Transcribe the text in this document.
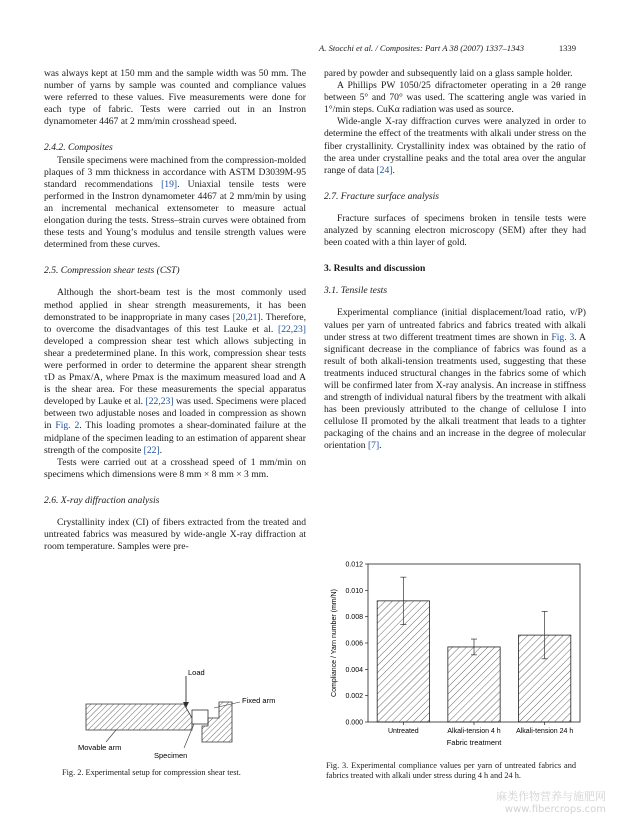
A. Stocchi et al. / Composites: Part A 38 (2007) 1337–1343	1339

was always kept at 150 mm and the sample width was 50 mm. The number of yarns by sample was counted and compliance values were referred to these values. Five measurements were done for each type of fabric. Tests were carried out in an Instron dynamometer 4467 at 2 mm/min crosshead speed.

2.4.2. Composites

Tensile specimens were machined from the compression-molded plaques of 3 mm thickness in accordance with ASTM D3039M-95 standard recommendations [19]. Uniaxial tensile tests were performed in the Instron dynamometer 4467 at 2 mm/min by using an incremental mechanical extensometer to measure actual elongation during the tests. Stress–strain curves were obtained from these tests and Young’s modulus and tensile strength values were determined from these curves.

2.5. Compression shear tests (CST)

Although the short-beam test is the most commonly used method applied in shear strength measurements, it has been demonstrated to be inappropriate in many cases [20,21]. Therefore, to overcome the disadvantages of this test Lauke et al. [22,23] developed a compression shear test which allows subjecting in shear a predetermined plane. In this work, compression shear tests were performed in order to determine the apparent shear strength τD as Pmax/A, where Pmax is the maximum measured load and A is the shear area. For these measurements the special apparatus developed by Lauke et al. [22,23] was used. Specimens were placed between two adjustable noses and loaded in compression as shown in Fig. 2. This loading promotes a shear-dominated failure at the midplane of the specimen leading to an estimation of apparent shear strength of the composite [22].

Tests were carried out at a crosshead speed of 1 mm/min on specimens which dimensions were 8 mm × 8 mm × 3 mm.

2.6. X-ray diffraction analysis

Crystallinity index (CI) of fibers extracted from the treated and untreated fabrics was measured by wide-angle X-ray diffraction at room temperature. Samples were pre-

pared by powder and subsequently laid on a glass sample holder.

A Phillips PW 1050/25 difractometer operating in a 2θ range between 5° and 70° was used. The scattering angle was varied in 1°/min steps. CuKα radiation was used as source.

Wide-angle X-ray diffraction curves were analyzed in order to determine the effect of the treatments with alkali under stress on the fiber crystallinity. Crystallinity index was obtained by the ratio of the area under crystalline peaks and the total area over the angular range of data [24].

2.7. Fracture surface analysis

Fracture surfaces of specimens broken in tensile tests were analyzed by scanning electron microscopy (SEM) after they had been coated with a thin layer of gold.

3. Results and discussion
3.1. Tensile tests

Experimental compliance (initial displacement/load ratio, v/P) values per yarn of untreated fabrics and fabrics treated with alkali under stress at two different treatment times are shown in Fig. 3. A significant decrease in the compliance of fabrics was found as a result of both alkali-tension treatments used, suggesting that these treatments induced structural changes in the fabrics some of which will be confirmed later from X-ray analysis. An increase in stiffness and strength of individual natural fibers by the treatment with alkali has been previously attributed to the change of cellulose I into cellulose II promoted by the alkali treatment that leads to a tighter packaging of the chains and an increase in the degree of molecular orientation [7].

Load
Fixed arm
Movable arm
Specimen
Fig. 2. Experimental setup for compression shear test.
0.000
0.002
0.004
0.006
0.008
0.010
0.012
Untreated	Alkali-tension 4 h Alkali-tension 24 h
Compliance / Yarn number (mm/N)
Fabric treatment
Fig. 3. Experimental compliance values per yarn of untreated fabrics and fabrics treated with alkali under stress during 4 h and 24 h.
麻类作物营养与施肥网
www.fibercrops.com
